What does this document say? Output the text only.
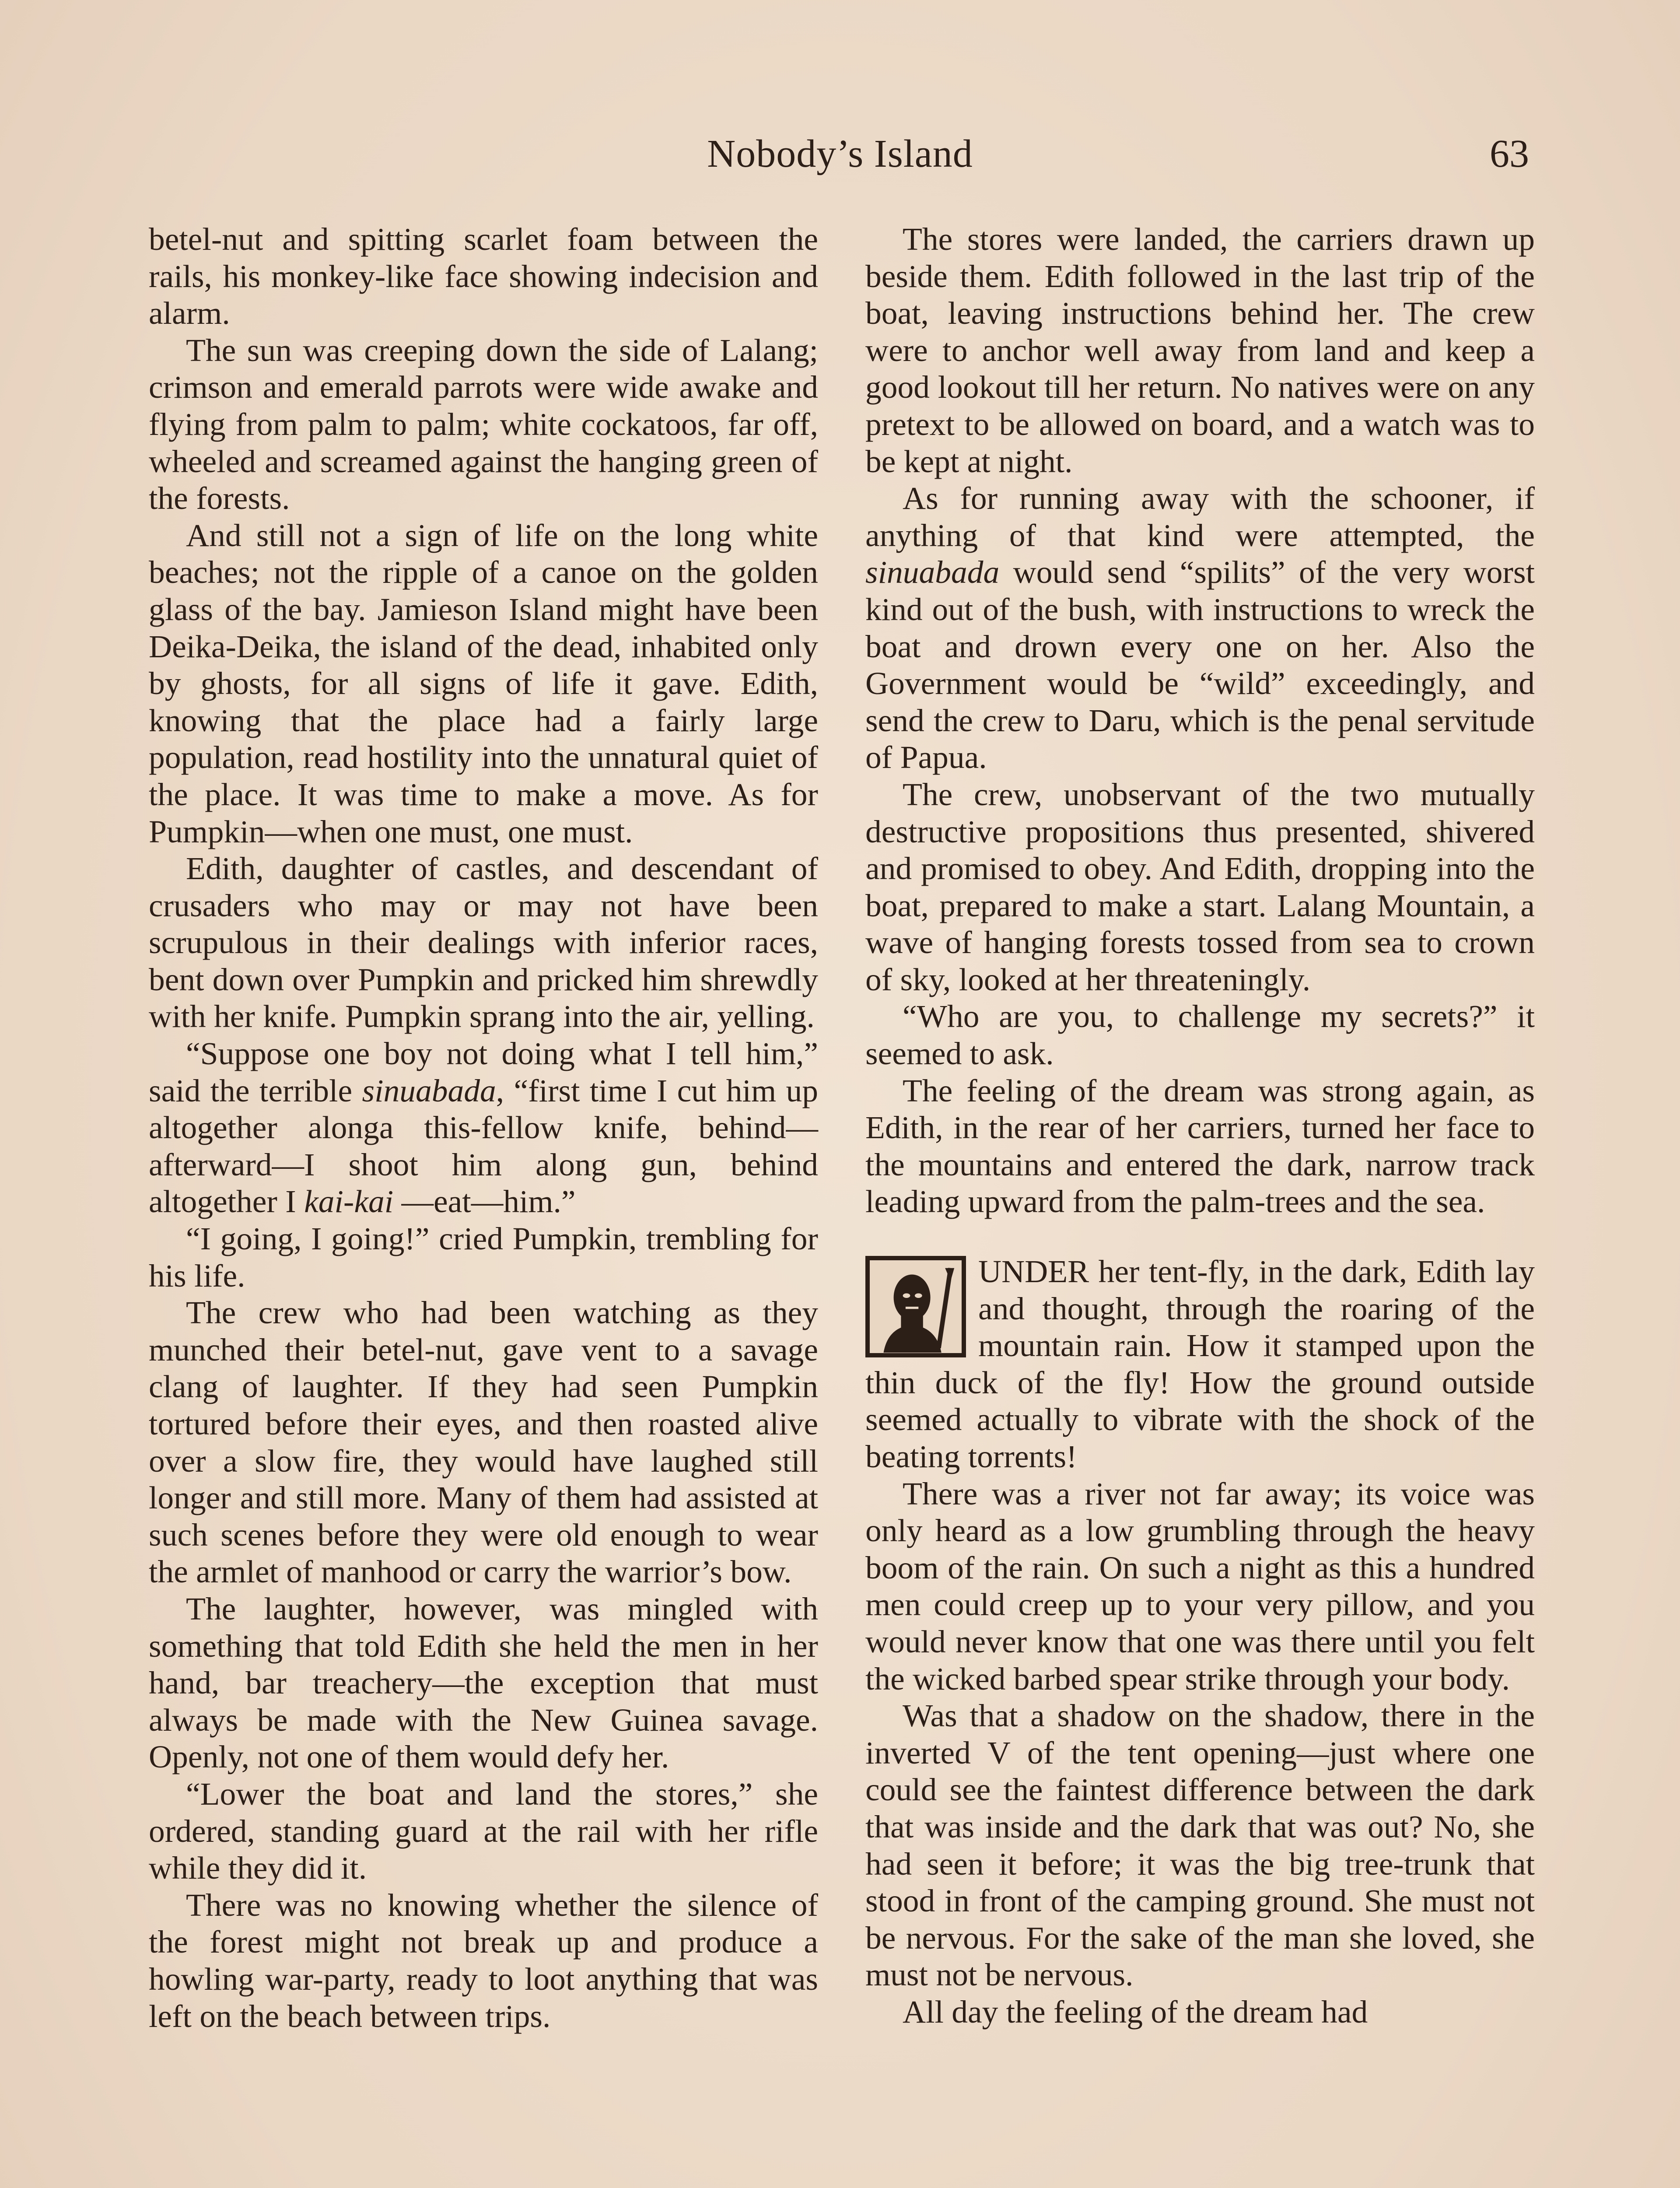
Nobody’s Island	63

betel-nut and spitting scarlet foam between the rails, his monkey-like face showing indecision and alarm.

The sun was creeping down the side of Lalang; crimson and emerald parrots were wide awake and flying from palm to palm; white cockatoos, far off, wheeled and screamed against the hanging green of the forests.

And still not a sign of life on the long white beaches; not the ripple of a canoe on the golden glass of the bay. Jamieson Island might have been Deika-Deika, the island of the dead, inhabited only by ghosts, for all signs of life it gave. Edith, knowing that the place had a fairly large population, read hostility into the unnatural quiet of the place. It was time to make a move. As for Pumpkin—when one must, one must.

Edith, daughter of castles, and descendant of crusaders who may or may not have been scrupulous in their dealings with inferior races, bent down over Pumpkin and pricked him shrewdly with her knife. Pumpkin sprang into the air, yelling.

“Suppose one boy not doing what I tell him,” said the terrible sinuabada, “first time I cut him up altogether alonga this-fellow knife, behind—afterward—I shoot him along gun, behind altogether I kai-kai —eat—him.”

“I going, I going!” cried Pumpkin, trembling for his life.

The crew who had been watching as they munched their betel-nut, gave vent to a savage clang of laughter. If they had seen Pumpkin tortured before their eyes, and then roasted alive over a slow fire, they would have laughed still longer and still more. Many of them had assisted at such scenes before they were old enough to wear the armlet of manhood or carry the warrior’s bow.

The laughter, however, was mingled with something that told Edith she held the men in her hand, bar treachery—the exception that must always be made with the New Guinea savage. Openly, not one of them would defy her.

“Lower the boat and land the stores,” she ordered, standing guard at the rail with her rifle while they did it.

There was no knowing whether the silence of the forest might not break up and produce a howling war-party, ready to loot anything that was left on the beach between trips.

The stores were landed, the carriers drawn up beside them. Edith followed in the last trip of the boat, leaving instructions behind her. The crew were to anchor well away from land and keep a good lookout till her return. No natives were on any pretext to be allowed on board, and a watch was to be kept at night.

As for running away with the schooner, if anything of that kind were attempted, the sinuabada would send “spilits” of the very worst kind out of the bush, with instructions to wreck the boat and drown every one on her. Also the Government would be “wild” exceedingly, and send the crew to Daru, which is the penal servitude of Papua.

The crew, unobservant of the two mutually destructive propositions thus presented, shivered and promised to obey. And Edith, dropping into the boat, prepared to make a start. Lalang Mountain, a wave of hanging forests tossed from sea to crown of sky, looked at her threateningly.

“Who are you, to challenge my secrets?” it seemed to ask.

The feeling of the dream was strong again, as Edith, in the rear of her carriers, turned her face to the mountains and entered the dark, narrow track leading upward from the palm-trees and the sea.

UNDER her tent-fly, in the dark, Edith lay and thought, through the roaring of the mountain rain. How it stamped upon the thin duck of the fly! How the ground outside seemed actually to vibrate with the shock of the beating torrents!

There was a river not far away; its voice was only heard as a low grumbling through the heavy boom of the rain. On such a night as this a hundred men could creep up to your very pillow, and you would never know that one was there until you felt the wicked barbed spear strike through your body.

Was that a shadow on the shadow, there in the inverted V of the tent opening—just where one could see the faintest difference between the dark that was inside and the dark that was out? No, she had seen it before; it was the big tree-trunk that stood in front of the camping ground. She must not be nervous. For the sake of the man she loved, she must not be nervous.

All day the feeling of the dream had
